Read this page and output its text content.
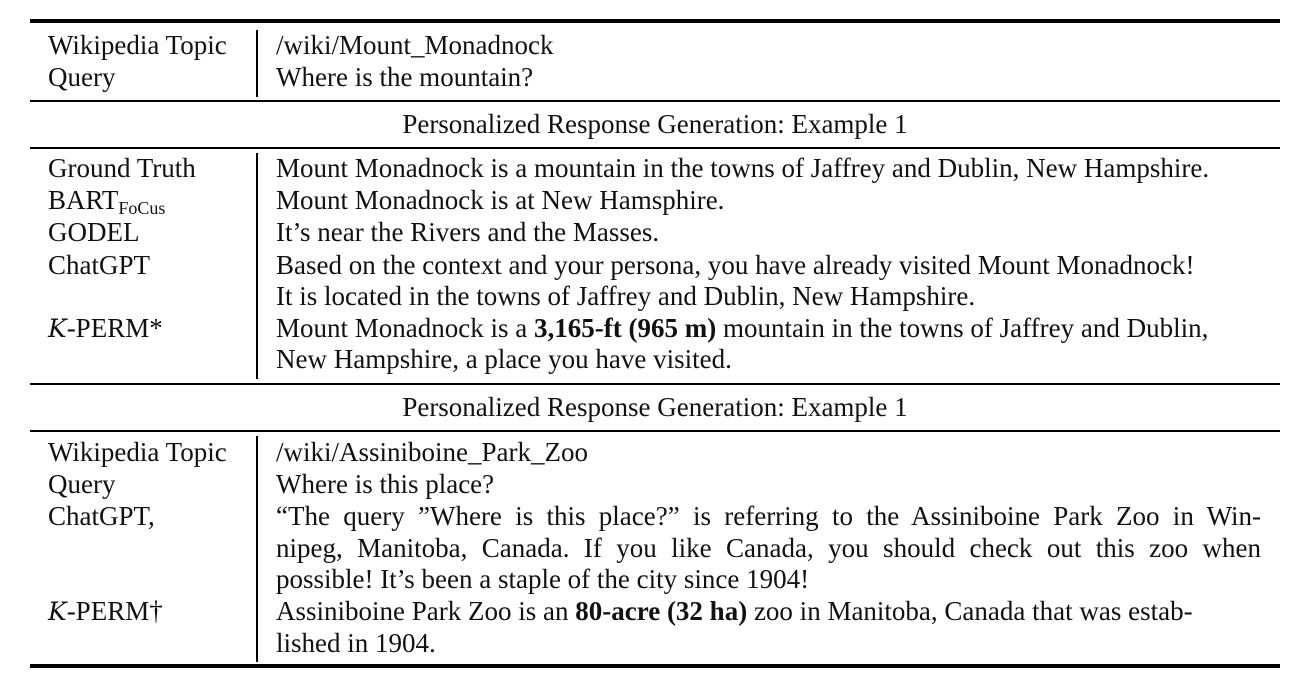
Wikipedia Topic /wiki/Mount_Monadnock
Query	Where is the mountain?
Personalized Response Generation: Example 1
Ground Truth	Mount Monadnock is a mountain in the towns of Jaffrey and Dublin, New Hampshire.
$BART_{FoCus}$	Mount Monadnock is at New Hamsphire.
GODEL	It’s near the Rivers and the Masses.
ChatGPT	Based on the context and your persona, you have already visited Mount Monadnock!
It is located in the towns of Jaffrey and Dublin, New Hampshire.
K-PERM*	Mount Monadnock is a 3,165-ft (965 m) mountain in the towns of Jaffrey and Dublin,
New Hampshire, a place you have visited.
Personalized Response Generation: Example 1
Wikipedia Topic /wiki/Assiniboine_Park_Zoo
Query	Where is this place?
ChatGPT,	“The query ”Where is this place?” is referring to the Assiniboine Park Zoo in Win-
nipeg, Manitoba, Canada. If you like Canada, you should check out this zoo when
possible! It’s been a staple of the city since 1904!
K-PERM†	Assiniboine Park Zoo is an 80-acre (32 ha) zoo in Manitoba, Canada that was estab-
lished in 1904.
